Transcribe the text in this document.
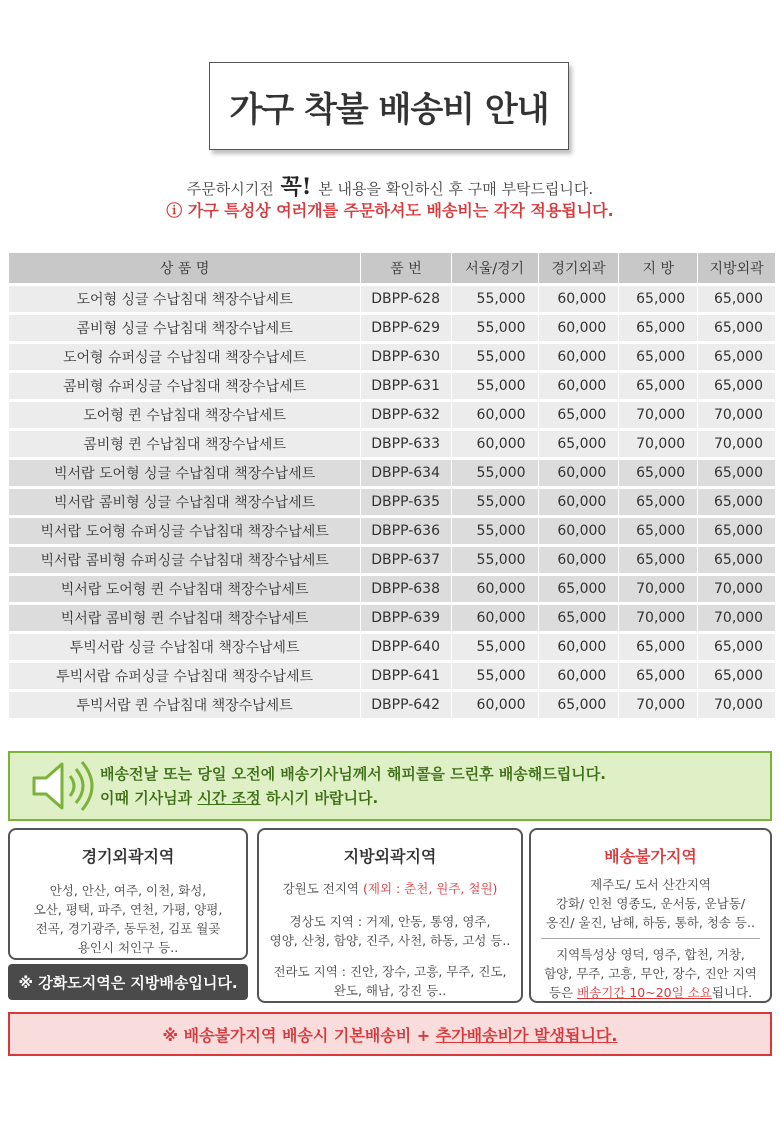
가구 착불 배송비 안내
주문하시기전 꼭! 본 내용을 확인하신 후 구매 부탁드립니다.
ⓘ 가구 특성상 여러개를 주문하셔도 배송비는 각각 적용됩니다.
상 품 명	품 번	서울/경기	경기외곽	지 방	지방외곽
도어형 싱글 수납침대 책장수납세트	DBPP-628	55,000	60,000	65,000	65,000
콤비형 싱글 수납침대 책장수납세트	DBPP-629	55,000	60,000	65,000	65,000
도어형 슈퍼싱글 수납침대 책장수납세트	DBPP-630	55,000	60,000	65,000	65,000
콤비형 슈퍼싱글 수납침대 책장수납세트	DBPP-631	55,000	60,000	65,000	65,000
도어형 퀸 수납침대 책장수납세트	DBPP-632	60,000	65,000	70,000	70,000
콤비형 퀸 수납침대 책장수납세트	DBPP-633	60,000	65,000	70,000	70,000
빅서랍 도어형 싱글 수납침대 책장수납세트	DBPP-634	55,000	60,000	65,000	65,000
빅서랍 콤비형 싱글 수납침대 책장수납세트	DBPP-635	55,000	60,000	65,000	65,000
빅서랍 도어형 슈퍼싱글 수납침대 책장수납세트	DBPP-636	55,000	60,000	65,000	65,000
빅서랍 콤비형 슈퍼싱글 수납침대 책장수납세트	DBPP-637	55,000	60,000	65,000	65,000
빅서랍 도어형 퀸 수납침대 책장수납세트	DBPP-638	60,000	65,000	70,000	70,000
빅서랍 콤비형 퀸 수납침대 책장수납세트	DBPP-639	60,000	65,000	70,000	70,000
투빅서랍 싱글 수납침대 책장수납세트	DBPP-640	55,000	60,000	65,000	65,000
투빅서랍 슈퍼싱글 수납침대 책장수납세트	DBPP-641	55,000	60,000	65,000	65,000
투빅서랍 퀸 수납침대 책장수납세트	DBPP-642	60,000	65,000	70,000	70,000
배송전날 또는 당일 오전에 배송기사님께서 해피콜을 드린후 배송해드립니다.
이때 기사님과 시간 조정 하시기 바랍니다.
경기외곽지역

안성, 안산, 여주, 이천, 화성,

오산, 평택, 파주, 연천, 가평, 양평,

전곡, 경기광주, 동두천, 김포 월곶

용인시 처인구 등..

지방외곽지역

강원도 전지역 (제외 : 춘천, 원주, 철원)

경상도 지역 : 거제, 안동, 통영, 영주,

영양, 산청, 함양, 진주, 사천, 하동, 고성 등..

전라도 지역 : 진안, 장수, 고흥, 무주, 진도,

완도, 해남, 강진 등..

배송불가지역

제주도/ 도서 산간지역

강화/ 인천 영종도, 운서동, 운남동/

옹진/ 울진, 남해, 하동, 통하, 청송 등..

지역특성상 영덕, 영주, 합천, 거창,

함양, 무주, 고흥, 무안, 장수, 진안 지역

등은 배송기간 10~20일 소요됩니다.

※ 강화도지역은 지방배송입니다.
※ 배송불가지역 배송시 기본배송비 +
추가배송비가 발생됩니다.
